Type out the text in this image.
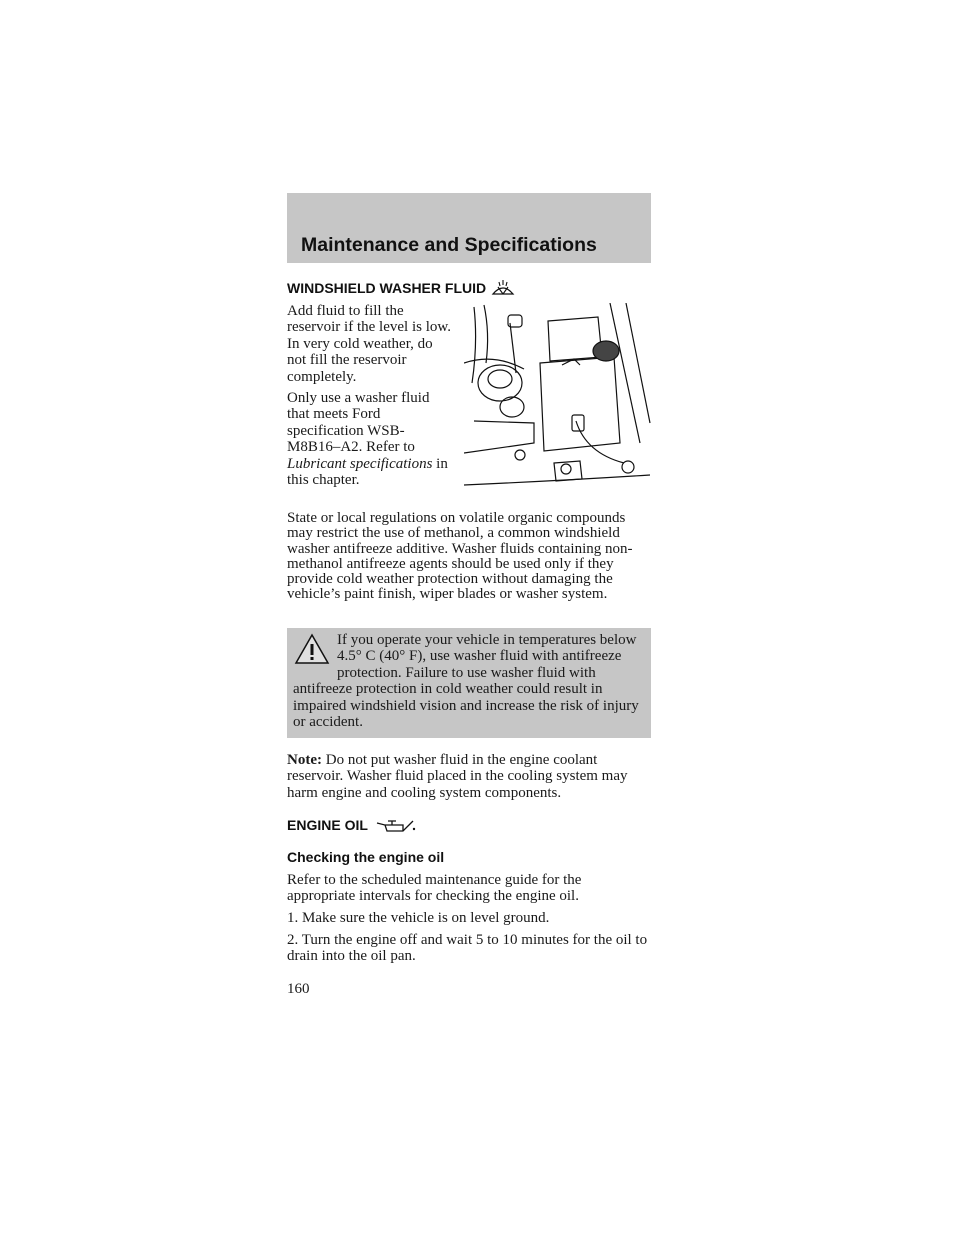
Maintenance and Specifications
WINDSHIELD WASHER FLUID

Add fluid to fill the reservoir if the level is low. In very cold weather, do not fill the reservoir completely.

Only use a washer fluid that meets Ford specification WSB-M8B16–A2. Refer to Lubricant specifications in this chapter.

State or local regulations on volatile organic compounds may restrict the use of methanol, a common windshield washer antifreeze additive. Washer fluids containing non-methanol antifreeze agents should be used only if they provide cold weather protection without damaging the vehicle’s paint finish, wiper blades or washer system.

If you operate your vehicle in temperatures below 4.5° C (40° F), use washer fluid with antifreeze protection. Failure to use washer fluid with antifreeze protection in cold weather could result in impaired windshield vision and increase the risk of injury or accident.

Note: Do not put washer fluid in the engine coolant reservoir. Washer fluid placed in the cooling system may harm engine and cooling system components.

ENGINE OIL
Checking the engine oil

Refer to the scheduled maintenance guide for the appropriate intervals for checking the engine oil.

1. Make sure the vehicle is on level ground.

2. Turn the engine off and wait 5 to 10 minutes for the oil to drain into the oil pan.

160
